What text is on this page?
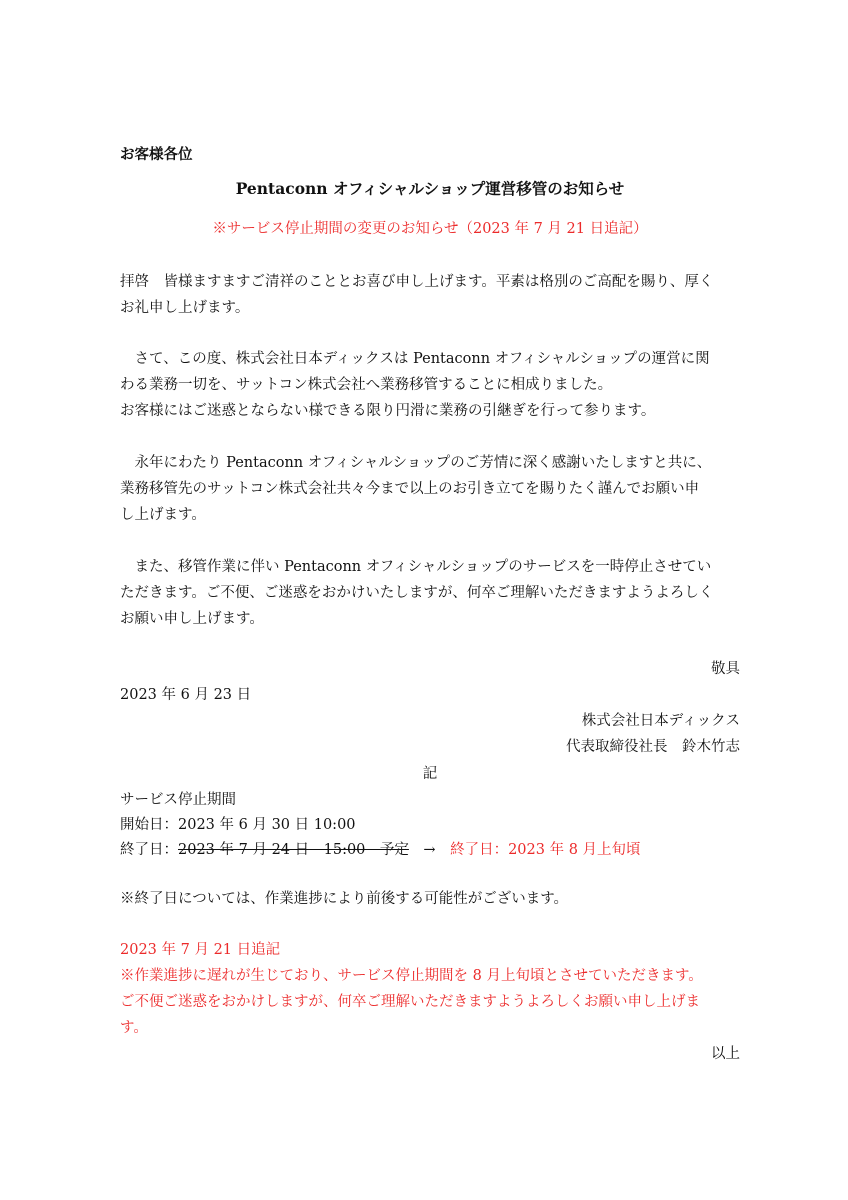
お客様各位
Pentaconn オフィシャルショップ運営移管のお知らせ
※サービス停止期間の変更のお知らせ（2023 年 7 月 21 日追記）
拝啓　皆様ますますご清祥のこととお喜び申し上げます。平素は格別のご高配を賜り、厚く
お礼申し上げます。
　さて、この度、株式会社日本ディックスは Pentaconn オフィシャルショップの運営に関
わる業務一切を、サットコン株式会社へ業務移管することに相成りました。
お客様にはご迷惑とならない様できる限り円滑に業務の引継ぎを行って参ります。
　永年にわたり Pentaconn オフィシャルショップのご芳情に深く感謝いたしますと共に、
業務移管先のサットコン株式会社共々今まで以上のお引き立てを賜りたく謹んでお願い申
し上げます。
　また、移管作業に伴い Pentaconn オフィシャルショップのサービスを一時停止させてい
ただきます。ご不便、ご迷惑をおかけいたしますが、何卒ご理解いただきますようよろしく
お願い申し上げます。
敬具
2023 年 6 月 23 日
株式会社日本ディックス
代表取締役社長　鈴木竹志
記
サービス停止期間
開始日：2023 年 6 月 30 日 10:00
終了日：2023 年 7 月 24 日　15:00　予定　→　終了日：2023 年 8 月上旬頃
※終了日については、作業進捗により前後する可能性がございます。
2023 年 7 月 21 日追記
※作業進捗に遅れが生じており、サービス停止期間を 8 月上旬頃とさせていただきます。
ご不便ご迷惑をおかけしますが、何卒ご理解いただきますようよろしくお願い申し上げま
す。
以上
